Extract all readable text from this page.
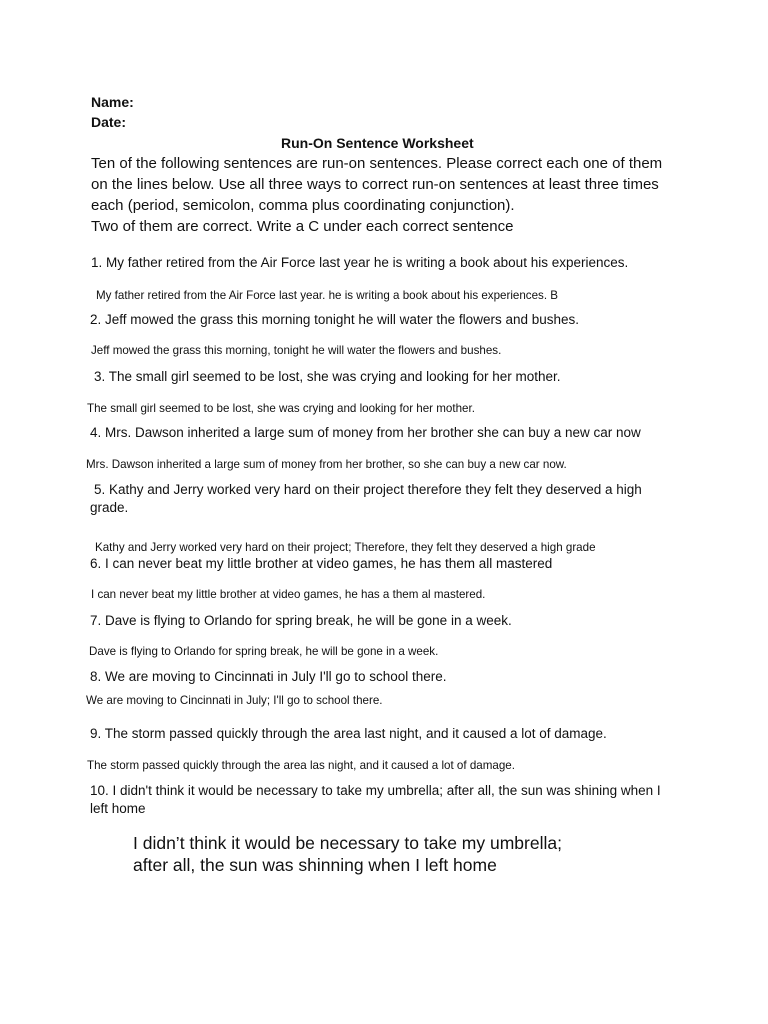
Name:
Date:
Run-On Sentence Worksheet
Ten of the following sentences are run-on sentences. Please correct each one of them
on the lines below. Use all three ways to correct run-on sentences at least three times
each (period, semicolon, comma plus coordinating conjunction).
Two of them are correct. Write a C under each correct sentence
1. My father retired from the Air Force last year he is writing a book about his experiences.
My father retired from the Air Force last year. he is writing a book about his experiences. B
2. Jeff mowed the grass this morning tonight he will water the flowers and bushes.
Jeff mowed the grass this morning, tonight he will water the flowers and bushes.
3. The small girl seemed to be lost, she was crying and looking for her mother.
The small girl seemed to be lost, she was crying and looking for her mother.
4. Mrs. Dawson inherited a large sum of money from her brother she can buy a new car now
Mrs. Dawson inherited a large sum of money from her brother, so she can buy a new car now.
5. Kathy and Jerry worked very hard on their project therefore they felt they deserved a high
grade.
Kathy and Jerry worked very hard on their project; Therefore, they felt they deserved a high grade
6. I can never beat my little brother at video games, he has them all mastered
I can never beat my little brother at video games, he has a them al mastered.
7. Dave is flying to Orlando for spring break, he will be gone in a week.
Dave is flying to Orlando for spring break, he will be gone in a week.
8. We are moving to Cincinnati in July I'll go to school there.
We are moving to Cincinnati in July; I'll go to school there.
9. The storm passed quickly through the area last night, and it caused a lot of damage.
The storm passed quickly through the area las night, and it caused a lot of damage.
10. I didn't think it would be necessary to take my umbrella; after all, the sun was shining when I
left home
I didn’t think it would be necessary to take my umbrella;
after all, the sun was shinning when I left home
